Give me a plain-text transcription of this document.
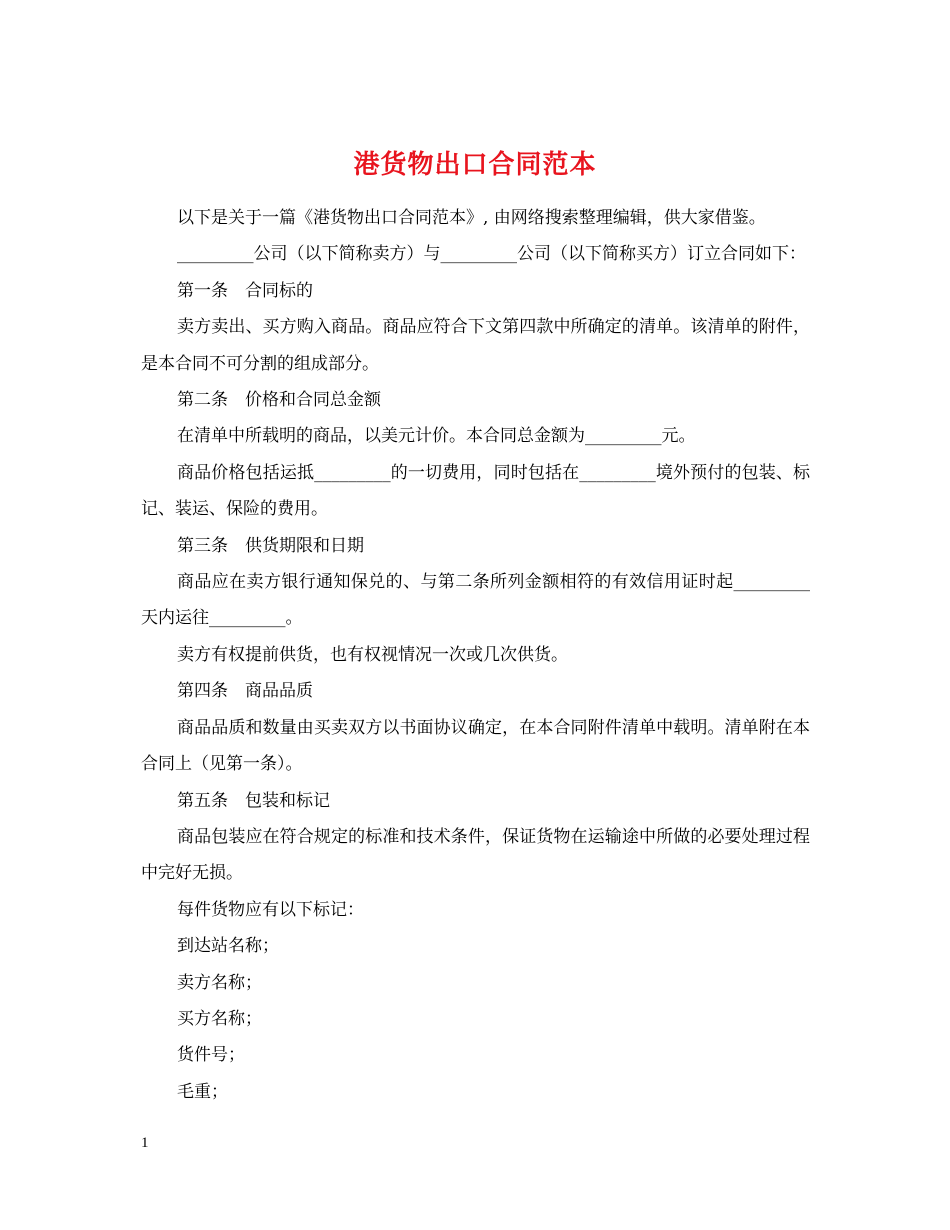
港货物出口合同范本

以下是关于一篇《港货物出口合同范本》, 由网络搜索整理编辑，供大家借鉴。

_________公司（以下简称卖方）与_________公司（以下简称买方）订立合同如下：

第一条　合同标的

卖方卖出、买方购入商品。商品应符合下文第四款中所确定的清单。该清单的附件，是本合同不可分割的组成部分。

第二条　价格和合同总金额

在清单中所载明的商品，以美元计价。本合同总金额为_________元。

商品价格包括运抵_________的一切费用，同时包括在_________境外预付的包装、标记、装运、保险的费用。

第三条　供货期限和日期

商品应在卖方银行通知保兑的、与第二条所列金额相符的有效信用证时起_________天内运往_________。

卖方有权提前供货，也有权视情况一次或几次供货。

第四条　商品品质

商品品质和数量由买卖双方以书面协议确定，在本合同附件清单中载明。清单附在本合同上（见第一条）。

第五条　包装和标记

商品包装应在符合规定的标准和技术条件，保证货物在运输途中所做的必要处理过程中完好无损。

每件货物应有以下标记：

到达站名称；

卖方名称；

买方名称；

货件号；

毛重；

1
